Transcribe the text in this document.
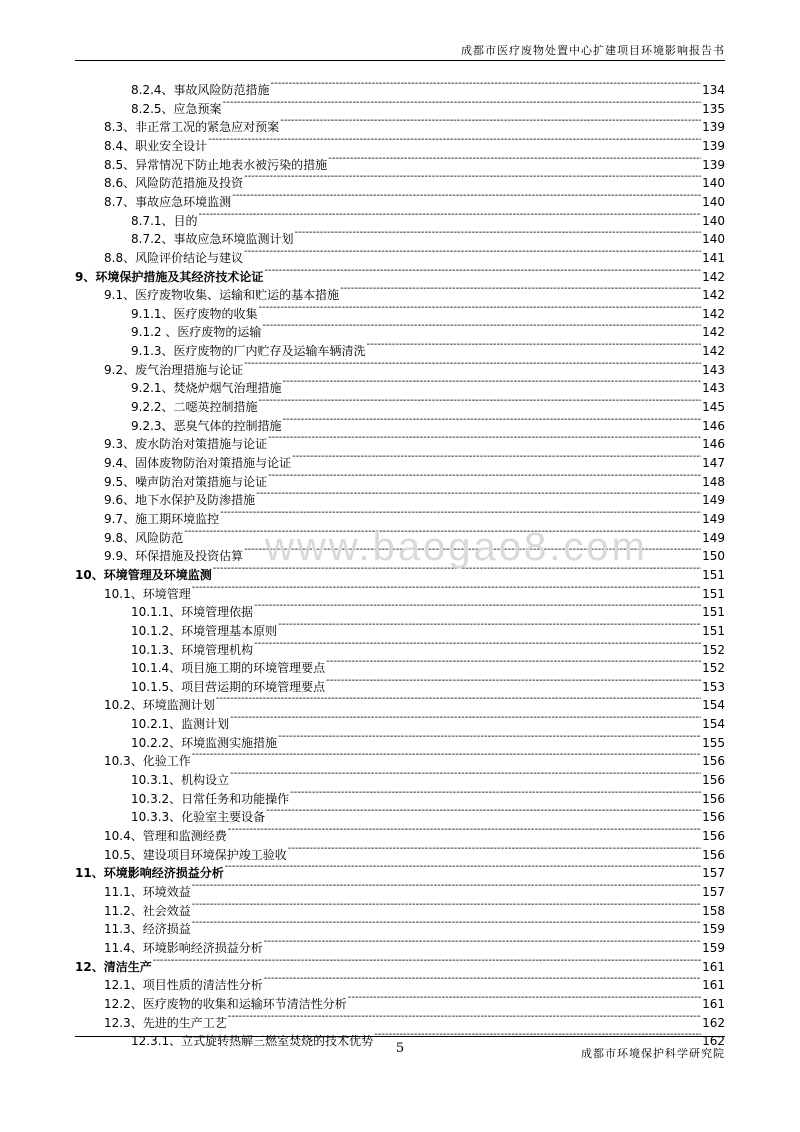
成都市医疗废物处置中心扩建项目环境影响报告书
8.2.4、事故风险防范措施 -----	134
8.2.5、应急预案 -----	135
8.3、非正常工况的紧急应对预案 -----	139
8.4、职业安全设计 -----	139
8.5、异常情况下防止地表水被污染的措施 -----	139
8.6、风险防范措施及投资 -----	140
8.7、事故应急环境监测 -----	140
8.7.1、目的 -----	140
8.7.2、事故应急环境监测计划 -----	140
8.8、风险评价结论与建议 -----	141
9、环境保护措施及其经济技术论证 -----	142
9.1、医疗废物收集、运输和贮运的基本措施 -----	142
9.1.1、医疗废物的收集 -----	142
9.1.2 、医疗废物的运输 -----	142
9.1.3、医疗废物的厂内贮存及运输车辆清洗 -----	142
9.2、废气治理措施与论证 -----	143
9.2.1、焚烧炉烟气治理措施 -----	143
9.2.2、二噁英控制措施 -----	145
9.2.3、恶臭气体的控制措施 -----	146
9.3、废水防治对策措施与论证 -----	146
9.4、固体废物防治对策措施与论证 -----	147
9.5、噪声防治对策措施与论证 -----	148
9.6、地下水保护及防渗措施 -----	149
9.7、施工期环境监控 -----	149
9.8、风险防范 -----	149
9.9、环保措施及投资估算 -----	150
10、环境管理及环境监测 -----	151
10.1、环境管理 -----	151
10.1.1、环境管理依据 -----	151
10.1.2、环境管理基本原则 -----	151
10.1.3、环境管理机构 -----	152
10.1.4、项目施工期的环境管理要点 -----	152
10.1.5、项目营运期的环境管理要点 -----	153
10.2、环境监测计划 -----	154
10.2.1、监测计划 -----	154
10.2.2、环境监测实施措施 -----	155
10.3、化验工作 -----	156
10.3.1、机构设立 -----	156
10.3.2、日常任务和功能操作 -----	156
10.3.3、化验室主要设备 -----	156
10.4、管理和监测经费 -----	156
10.5、建设项目环境保护竣工验收 -----	156
11、环境影响经济损益分析 -----	157
11.1、环境效益 -----	157
11.2、社会效益 -----	158
11.3、经济损益 -----	159
11.4、环境影响经济损益分析 -----	159
12、清洁生产 -----	161
12.1、项目性质的清洁性分析 -----	161
12.2、医疗废物的收集和运输环节清洁性分析 -----	161
12.3、先进的生产工艺 -----	162
12.3.1、立式旋转热解三燃室焚烧的技术优势 -----	162
www.baogao8.com
5	成都市环境保护科学研究院
